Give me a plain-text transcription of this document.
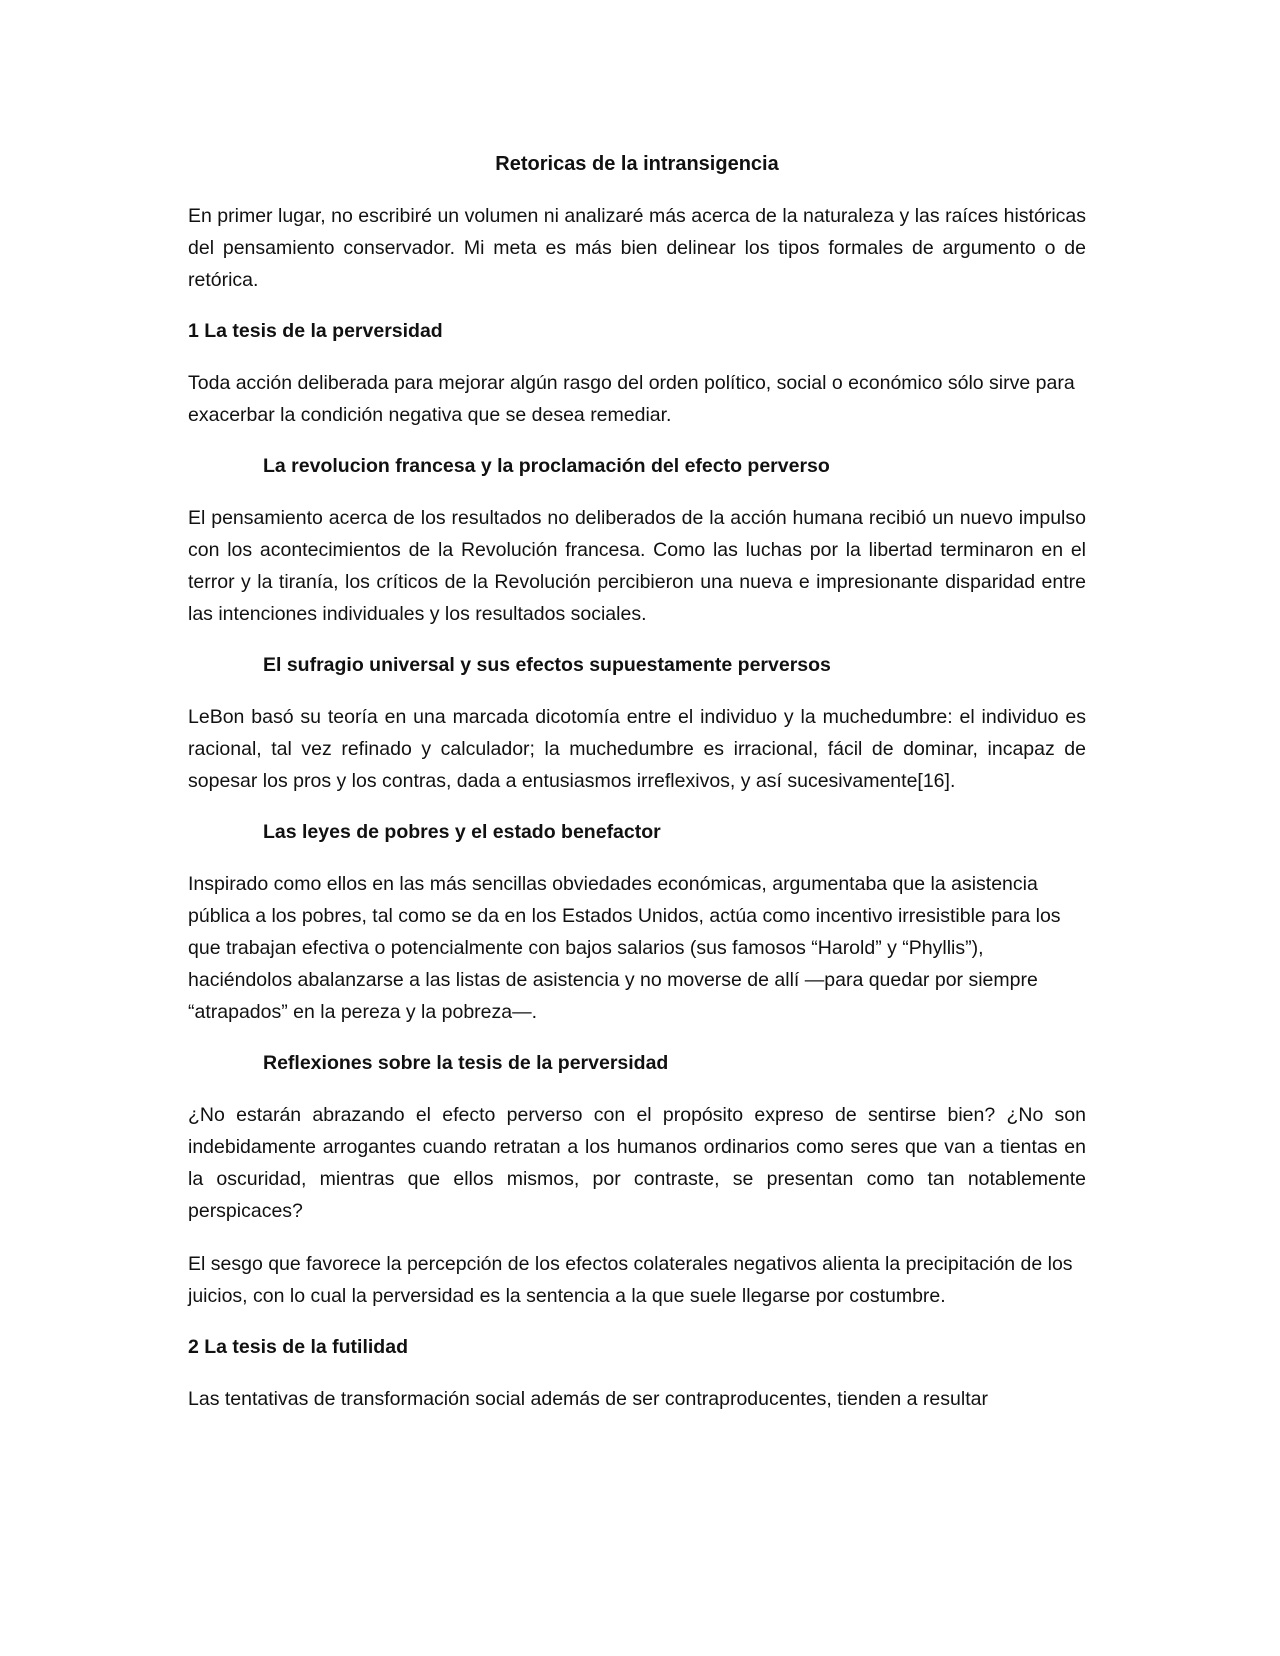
Retoricas de la intransigencia

En primer lugar, no escribiré un volumen ni analizaré más acerca de la naturaleza y las raíces históricas del pensamiento conservador. Mi meta es más bien delinear los tipos formales de argumento o de retórica.

1 La tesis de la perversidad

Toda acción deliberada para mejorar algún rasgo del orden político, social o económico sólo sirve para exacerbar la condición negativa que se desea remediar.

La revolucion francesa y la proclamación del efecto perverso

El pensamiento acerca de los resultados no deliberados de la acción humana recibió un nuevo impulso con los acontecimientos de la Revolución francesa. Como las luchas por la libertad terminaron en el terror y la tiranía, los críticos de la Revolución percibieron una nueva e impresionante disparidad entre las intenciones individuales y los resultados sociales.

El sufragio universal y sus efectos supuestamente perversos

LeBon basó su teoría en una marcada dicotomía entre el individuo y la muchedumbre: el individuo es racional, tal vez refinado y calculador; la muchedumbre es irracional, fácil de dominar, incapaz de sopesar los pros y los contras, dada a entusiasmos irreflexivos, y así sucesivamente[16].

Las leyes de pobres y el estado benefactor

Inspirado como ellos en las más sencillas obviedades económicas, argumentaba que la asistencia pública a los pobres, tal como se da en los Estados Unidos, actúa como incentivo irresistible para los que trabajan efectiva o potencialmente con bajos salarios (sus famosos “Harold” y “Phyllis”), haciéndolos abalanzarse a las listas de asistencia y no moverse de allí —para quedar por siempre “atrapados” en la pereza y la pobreza—.

Reflexiones sobre la tesis de la perversidad

¿No estarán abrazando el efecto perverso con el propósito expreso de sentirse bien? ¿No son indebidamente arrogantes cuando retratan a los humanos ordinarios como seres que van a tientas en la oscuridad, mientras que ellos mismos, por contraste, se presentan como tan notablemente perspicaces?

El sesgo que favorece la percepción de los efectos colaterales negativos alienta la precipitación de los juicios, con lo cual la perversidad es la sentencia a la que suele llegarse por costumbre.

2 La tesis de la futilidad

Las tentativas de transformación social además de ser contraproducentes, tienden a resultar
